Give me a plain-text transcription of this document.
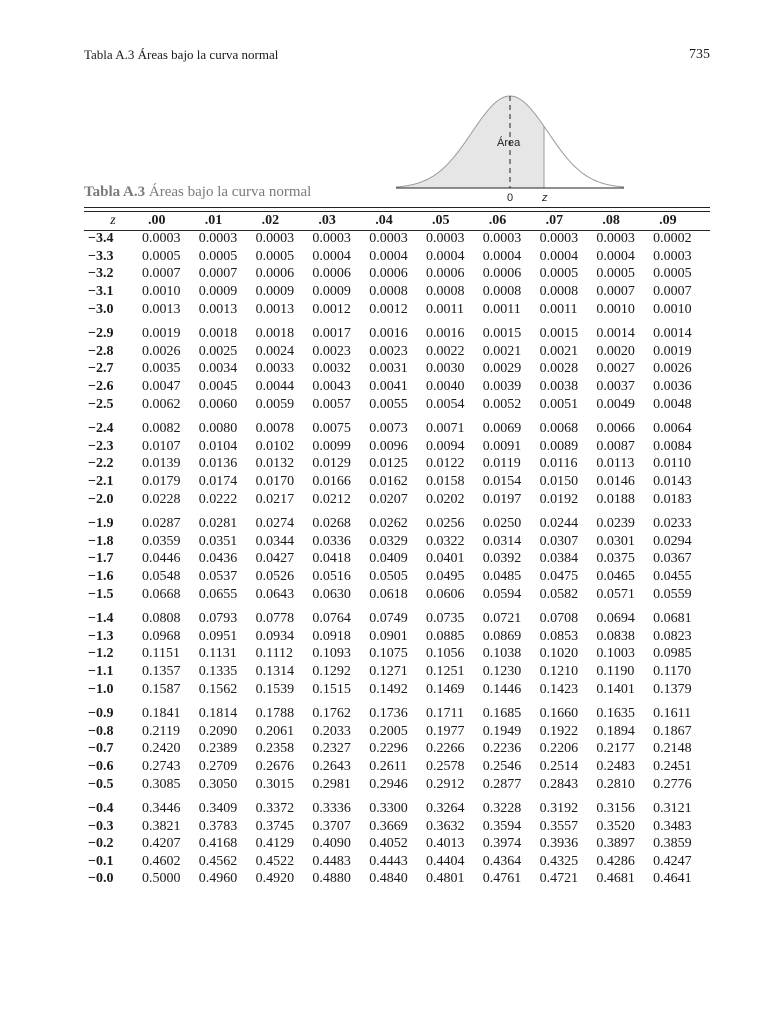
Tabla A.3 Áreas bajo la curva normal	735
Área
0	z
Tabla A.3 Áreas bajo la curva normal
z	.00	.01	.02	.03	.04	.05	.06	.07	.08	.09
−3.4	0.0003	0.0003	0.0003	0.0003	0.0003	0.0003	0.0003	0.0003	0.0003	0.0002
−3.3	0.0005	0.0005	0.0005	0.0004	0.0004	0.0004	0.0004	0.0004	0.0004	0.0003
−3.2	0.0007	0.0007	0.0006	0.0006	0.0006	0.0006	0.0006	0.0005	0.0005	0.0005
−3.1	0.0010	0.0009	0.0009	0.0009	0.0008	0.0008	0.0008	0.0008	0.0007	0.0007
−3.0	0.0013	0.0013	0.0013	0.0012	0.0012	0.0011	0.0011	0.0011	0.0010	0.0010

−2.9	0.0019	0.0018	0.0018	0.0017	0.0016	0.0016	0.0015	0.0015	0.0014	0.0014
−2.8	0.0026	0.0025	0.0024	0.0023	0.0023	0.0022	0.0021	0.0021	0.0020	0.0019
−2.7	0.0035	0.0034	0.0033	0.0032	0.0031	0.0030	0.0029	0.0028	0.0027	0.0026
−2.6	0.0047	0.0045	0.0044	0.0043	0.0041	0.0040	0.0039	0.0038	0.0037	0.0036
−2.5	0.0062	0.0060	0.0059	0.0057	0.0055	0.0054	0.0052	0.0051	0.0049	0.0048

−2.4	0.0082	0.0080	0.0078	0.0075	0.0073	0.0071	0.0069	0.0068	0.0066	0.0064
−2.3	0.0107	0.0104	0.0102	0.0099	0.0096	0.0094	0.0091	0.0089	0.0087	0.0084
−2.2	0.0139	0.0136	0.0132	0.0129	0.0125	0.0122	0.0119	0.0116	0.0113	0.0110
−2.1	0.0179	0.0174	0.0170	0.0166	0.0162	0.0158	0.0154	0.0150	0.0146	0.0143
−2.0	0.0228	0.0222	0.0217	0.0212	0.0207	0.0202	0.0197	0.0192	0.0188	0.0183

−1.9	0.0287	0.0281	0.0274	0.0268	0.0262	0.0256	0.0250	0.0244	0.0239	0.0233
−1.8	0.0359	0.0351	0.0344	0.0336	0.0329	0.0322	0.0314	0.0307	0.0301	0.0294
−1.7	0.0446	0.0436	0.0427	0.0418	0.0409	0.0401	0.0392	0.0384	0.0375	0.0367
−1.6	0.0548	0.0537	0.0526	0.0516	0.0505	0.0495	0.0485	0.0475	0.0465	0.0455
−1.5	0.0668	0.0655	0.0643	0.0630	0.0618	0.0606	0.0594	0.0582	0.0571	0.0559

−1.4	0.0808	0.0793	0.0778	0.0764	0.0749	0.0735	0.0721	0.0708	0.0694	0.0681
−1.3	0.0968	0.0951	0.0934	0.0918	0.0901	0.0885	0.0869	0.0853	0.0838	0.0823
−1.2	0.1151	0.1131	0.1112	0.1093	0.1075	0.1056	0.1038	0.1020	0.1003	0.0985
−1.1	0.1357	0.1335	0.1314	0.1292	0.1271	0.1251	0.1230	0.1210	0.1190	0.1170
−1.0	0.1587	0.1562	0.1539	0.1515	0.1492	0.1469	0.1446	0.1423	0.1401	0.1379

−0.9	0.1841	0.1814	0.1788	0.1762	0.1736	0.1711	0.1685	0.1660	0.1635	0.1611
−0.8	0.2119	0.2090	0.2061	0.2033	0.2005	0.1977	0.1949	0.1922	0.1894	0.1867
−0.7	0.2420	0.2389	0.2358	0.2327	0.2296	0.2266	0.2236	0.2206	0.2177	0.2148
−0.6	0.2743	0.2709	0.2676	0.2643	0.2611	0.2578	0.2546	0.2514	0.2483	0.2451
−0.5	0.3085	0.3050	0.3015	0.2981	0.2946	0.2912	0.2877	0.2843	0.2810	0.2776

−0.4	0.3446	0.3409	0.3372	0.3336	0.3300	0.3264	0.3228	0.3192	0.3156	0.3121
−0.3	0.3821	0.3783	0.3745	0.3707	0.3669	0.3632	0.3594	0.3557	0.3520	0.3483
−0.2	0.4207	0.4168	0.4129	0.4090	0.4052	0.4013	0.3974	0.3936	0.3897	0.3859
−0.1	0.4602	0.4562	0.4522	0.4483	0.4443	0.4404	0.4364	0.4325	0.4286	0.4247
−0.0	0.5000	0.4960	0.4920	0.4880	0.4840	0.4801	0.4761	0.4721	0.4681	0.4641
